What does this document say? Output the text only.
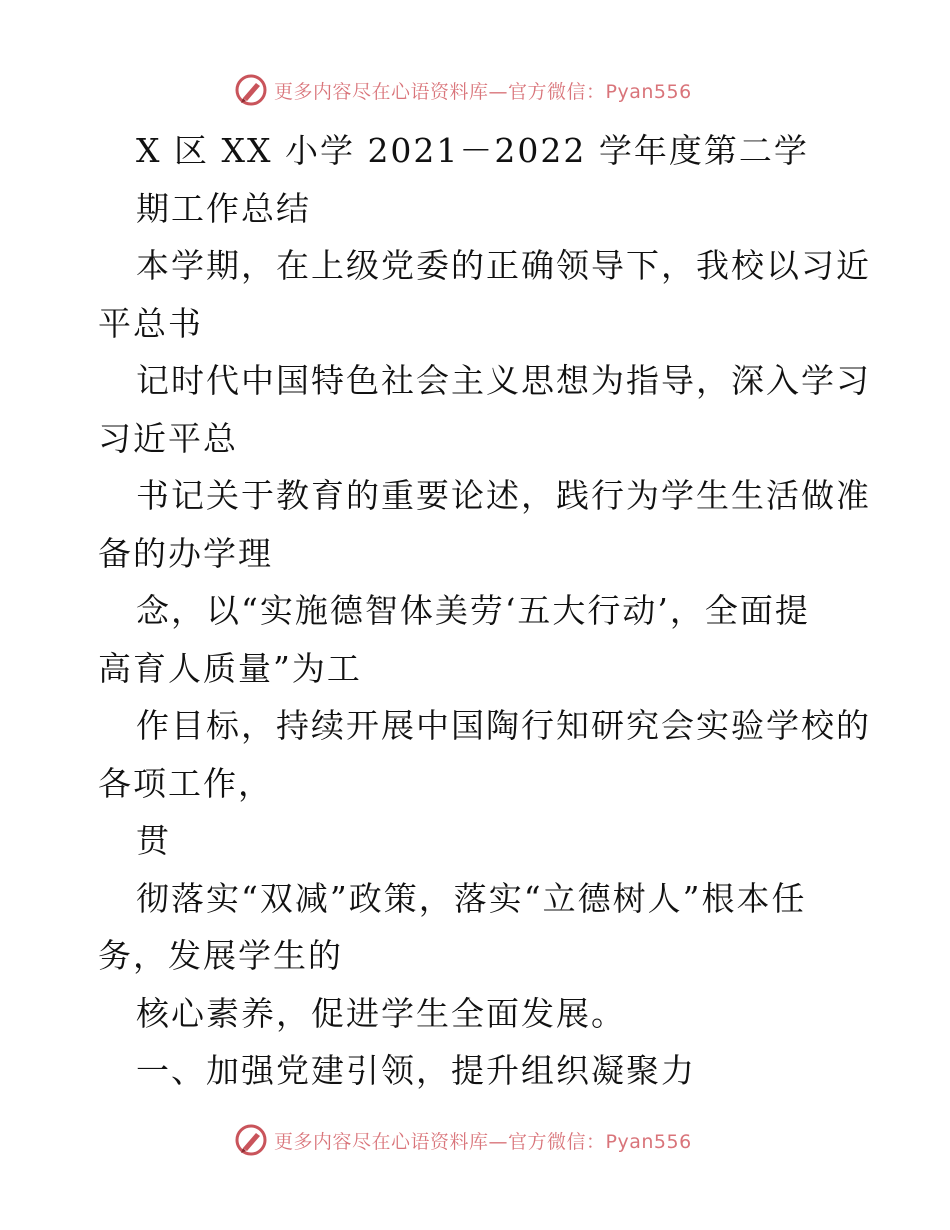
更多内容尽在心语资料库—官方微信：Pyan556
X 区 XX 小学 2021－2022 学年度第二学
期工作总结
本学期，在上级党委的正确领导下，我校以习近
平总书
记时代中国特色社会主义思想为指导，深入学习
习近平总
书记关于教育的重要论述，践行为学生生活做准
备的办学理
念，以“实施德智体美劳‘五大行动’，全面提
高育人质量”为工
作目标，持续开展中国陶行知研究会实验学校的
各项工作，
贯
彻落实“双减”政策，落实“立德树人”根本任
务，发展学生的
核心素养，促进学生全面发展。
一、加强党建引领，提升组织凝聚力
更多内容尽在心语资料库—官方微信：Pyan556
